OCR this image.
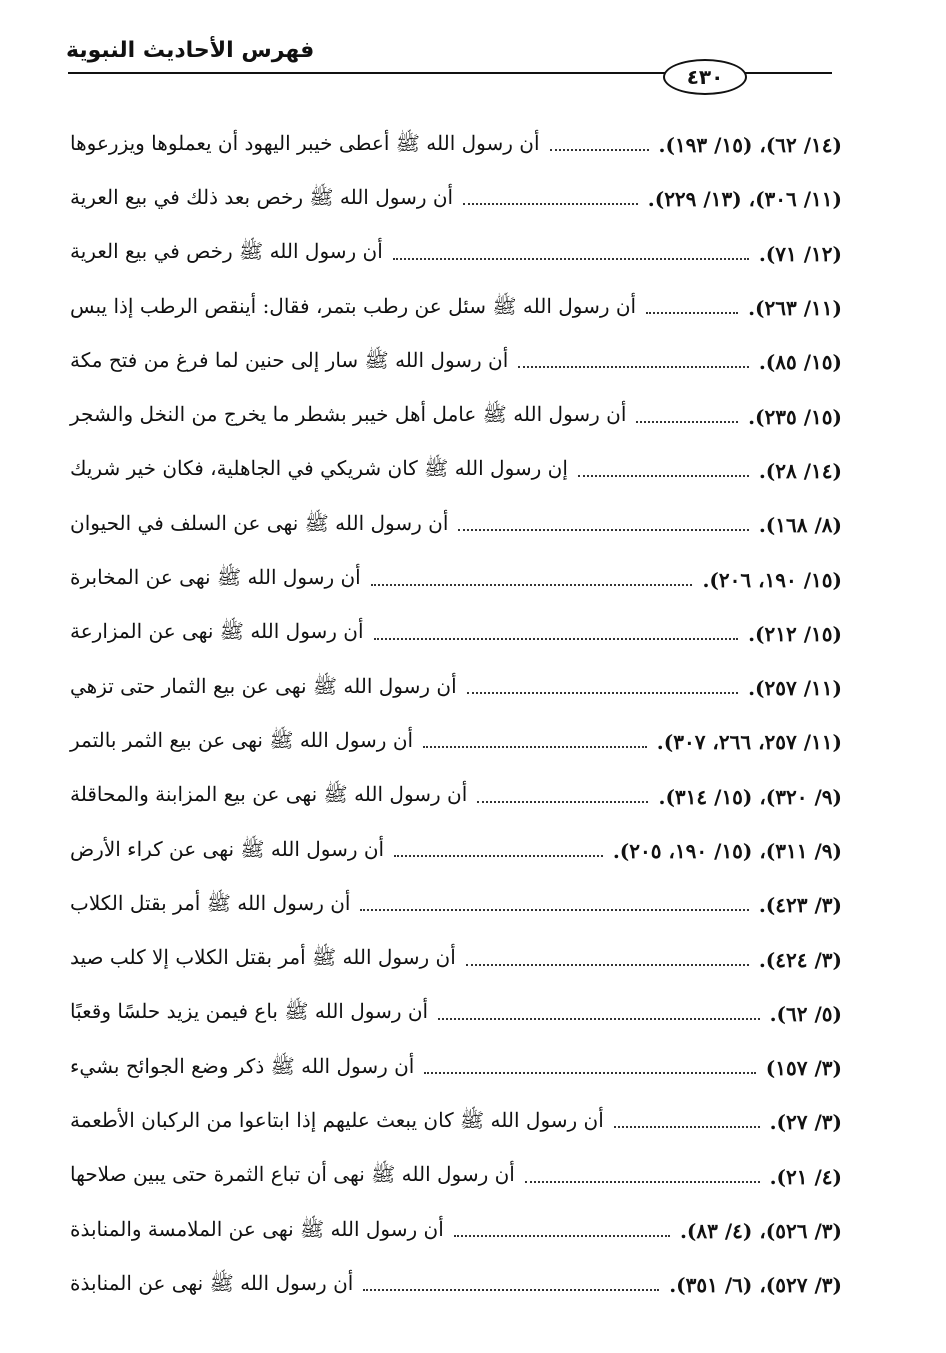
فهرس الأحاديث النبوية
٤٣٠
أن رسول الله ﷺ أعطى خيبر اليهود أن يعملوها ويزرعوها	(١٤/ ٦٢)، (١٥/ ١٩٣).
أن رسول الله ﷺ رخص بعد ذلك في بيع العرية	(١١/ ٣٠٦)، (١٣/ ٢٢٩).
أن رسول الله ﷺ رخص في بيع العرية	(١٢/ ٧١).
أن رسول الله ﷺ سئل عن رطب بتمر، فقال: أينقص الرطب إذا يبس	(١١/ ٢٦٣).
أن رسول الله ﷺ سار إلى حنين لما فرغ من فتح مكة	(١٥/ ٨٥).
أن رسول الله ﷺ عامل أهل خيبر بشطر ما يخرج من النخل والشجر	(١٥/ ٢٣٥).
إن رسول الله ﷺ كان شريكي في الجاهلية، فكان خير شريك	(١٤/ ٢٨).
أن رسول الله ﷺ نهى عن السلف في الحيوان	(٨/ ١٦٨).
أن رسول الله ﷺ نهى عن المخابرة	(١٥/ ١٩٠، ٢٠٦).
أن رسول الله ﷺ نهى عن المزارعة	(١٥/ ٢١٢).
أن رسول الله ﷺ نهى عن بيع الثمار حتى تزهي	(١١/ ٢٥٧).
أن رسول الله ﷺ نهى عن بيع الثمر بالتمر	(١١/ ٢٥٧، ٢٦٦، ٣٠٧).
أن رسول الله ﷺ نهى عن بيع المزابنة والمحاقلة	(٩/ ٣٢٠)، (١٥/ ٣١٤).
أن رسول الله ﷺ نهى عن كراء الأرض	(٩/ ٣١١)، (١٥/ ١٩٠، ٢٠٥).
أن رسول الله ﷺ أمر بقتل الكلاب	(٣/ ٤٢٣).
أن رسول الله ﷺ أمر بقتل الكلاب إلا كلب صيد	(٣/ ٤٢٤).
أن رسول الله ﷺ باع فيمن يزيد حلسًا وقعبًا	(٥/ ٦٢).
أن رسول الله ﷺ ذكر وضع الجوائح بشيء	(٣/ ١٥٧)
أن رسول الله ﷺ كان يبعث عليهم إذا ابتاعوا من الركبان الأطعمة	(٣/ ٢٧).
أن رسول الله ﷺ نهى أن تباع الثمرة حتى يبين صلاحها	(٤/ ٢١).
أن رسول الله ﷺ نهى عن الملامسة والمنابذة	(٣/ ٥٢٦)، (٤/ ٨٣).
أن رسول الله ﷺ نهى عن المنابذة	(٣/ ٥٢٧)، (٦/ ٣٥١).
